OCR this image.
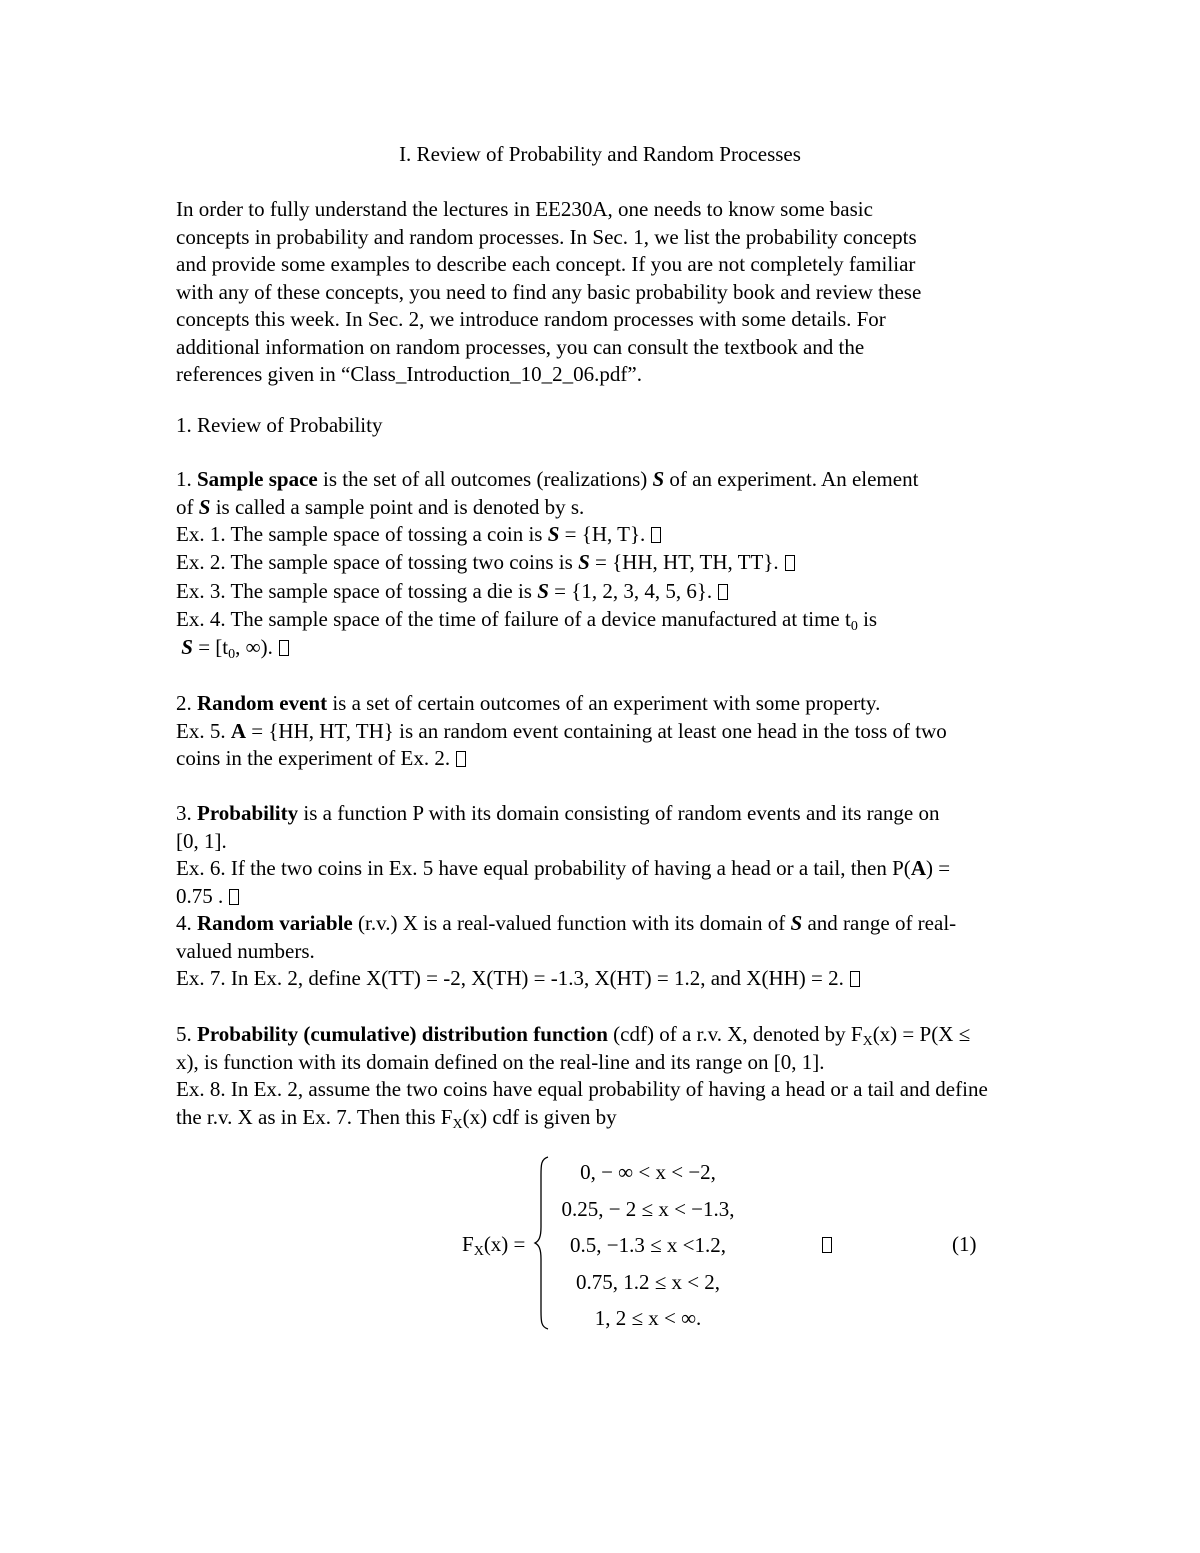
I. Review of Probability and Random Processes
In order to fully understand the lectures in EE230A, one needs to know some basic
concepts in probability and random processes. In Sec. 1, we list the probability concepts
and provide some examples to describe each concept. If you are not completely familiar
with any of these concepts, you need to find any basic probability book and review these
concepts this week. In Sec. 2, we introduce random processes with some details. For
additional information on random processes, you can consult the textbook and the
references given in “Class_Introduction_10_2_06.pdf”.
1. Review of Probability
1. Sample space is the set of all outcomes (realizations) S of an experiment. An element
of S is called a sample point and is denoted by s.
Ex. 1. The sample space of tossing a coin is S = {H, T}.
Ex. 2. The sample space of tossing two coins is S = {HH, HT, TH, TT}.
Ex. 3. The sample space of tossing a die is S = {1, 2, 3, 4, 5, 6}.
Ex. 4. The sample space of the time of failure of a device manufactured at time $t_0$ is
$S = [t_0$, ∞).
2. Random event is a set of certain outcomes of an experiment with some property.
Ex. 5. A = {HH, HT, TH} is an random event containing at least one head in the toss of two
coins in the experiment of Ex. 2.
3. Probability is a function P with its domain consisting of random events and its range on
[0, 1].
Ex. 6. If the two coins in Ex. 5 have equal probability of having a head or a tail, then P(A) =
0.75 .
4. Random variable (r.v.) X is a real-valued function with its domain of S and range of real-
valued numbers.
Ex. 7. In Ex. 2, define X(TT) = -2, X(TH) = -1.3, X(HT) = 1.2, and X(HH) = 2.
5. Probability (cumulative) distribution function (cdf) of a r.v. X, denoted by $F_X(x) = P(X$ ≤
x), is function with its domain defined on the real-line and its range on [0, 1].
Ex. 8. In Ex. 2, assume the two coins have equal probability of having a head or a tail and define
the r.v. X as in Ex. 7. Then this $F_X(x)$ cdf is given by
$F_X(x)$ =
0, − ∞ < x < −2,
0.25, − 2 ≤ x < −1.3,
0.5, −1.3 ≤ x <1.2,
0.75, 1.2 ≤ x < 2,
1, 2 ≤ x < ∞.
(1)
